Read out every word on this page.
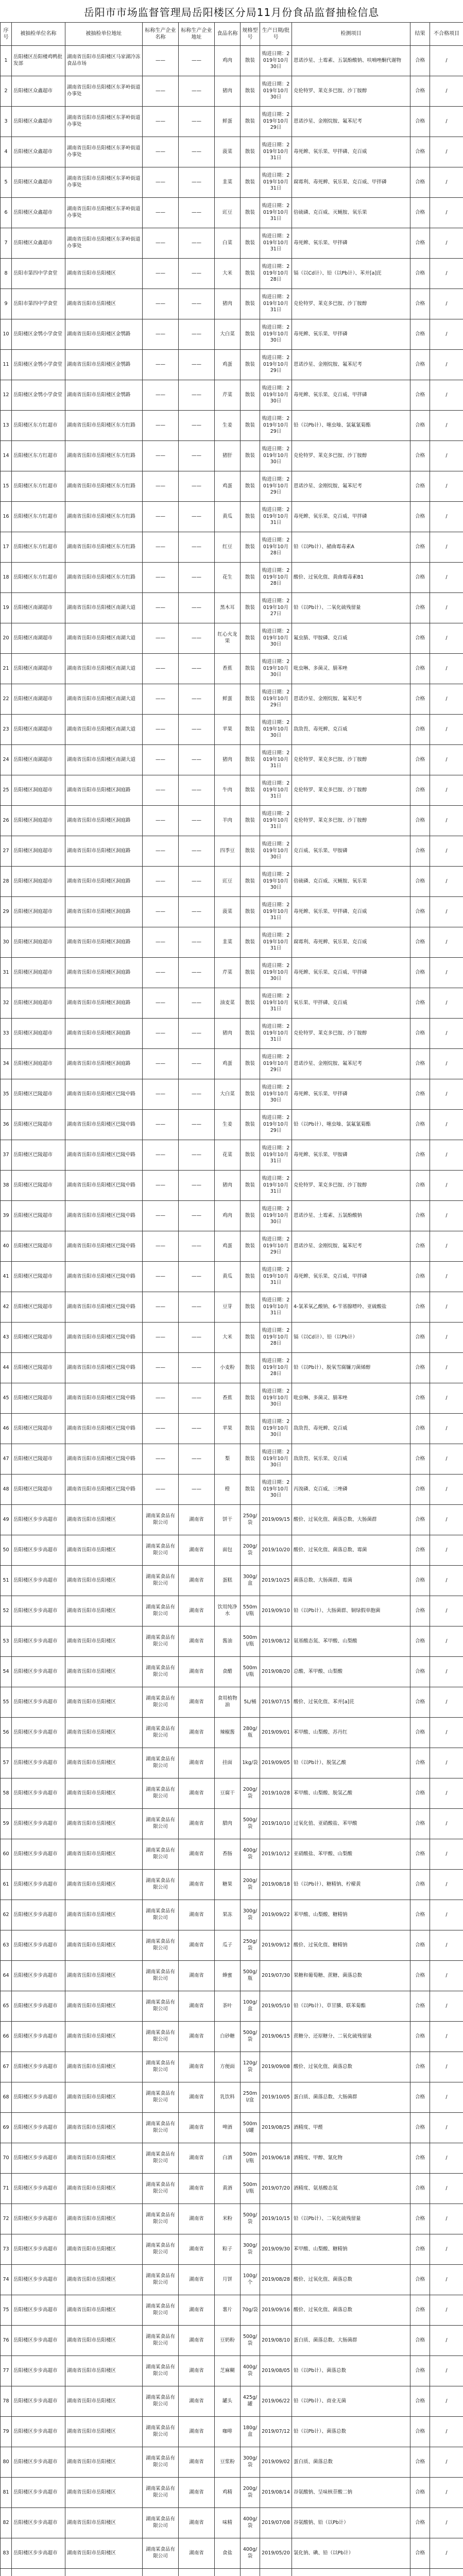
岳阳市市场监督管理局岳阳楼区分局11月份食品监督抽检信息
序号	被抽检单位名称	被抽检单位地址	标称生产企业名称	标称生产企业地址	食品名称	规格型号	生产日期/批号	检测项目	结果	不合格项目
1	岳阳楼区岳阳楼鸡鸭批发部	湖南省岳阳市岳阳楼区马家湖冷冻食品市场	——	——	鸡肉	散装	购进日期：2019年10月30日	恩诺沙星、土霉素、五氯酚酸钠、呋喃唑酮代谢物	合格	/
2	岳阳楼区众鑫超市	湖南省岳阳市岳阳楼区东茅岭街道办事处	——	——	猪肉	散装	购进日期：2019年10月30日	克伦特罗、莱克多巴胺、沙丁胺醇	合格	/
3	岳阳楼区众鑫超市	湖南省岳阳市岳阳楼区东茅岭街道办事处	——	——	鲜蛋	散装	购进日期：2019年10月29日	恩诺沙星、金刚烷胺、氟苯尼考	合格	/
4	岳阳楼区众鑫超市	湖南省岳阳市岳阳楼区东茅岭街道办事处	——	——	菠菜	散装	购进日期：2019年10月31日	毒死蜱、氧乐果、甲拌磷、克百威	合格	/
5	岳阳楼区众鑫超市	湖南省岳阳市岳阳楼区东茅岭街道办事处	——	——	韭菜	散装	购进日期：2019年10月31日	腐霉利、毒死蜱、氧乐果、克百威、甲拌磷	合格	/
6	岳阳楼区众鑫超市	湖南省岳阳市岳阳楼区东茅岭街道办事处	——	——	豇豆	散装	购进日期：2019年10月31日	倍硫磷、克百威、灭蝇胺、氧乐果	合格	/
7	岳阳楼区众鑫超市	湖南省岳阳市岳阳楼区东茅岭街道办事处	——	——	白菜	散装	购进日期：2019年10月31日	毒死蜱、氧乐果、甲拌磷	合格	/
8	岳阳市第四中学食堂	湖南省岳阳市岳阳楼区	——	——	大米	散装	购进日期：2019年10月28日	镉（以Cd计）、铅（以Pb计）、苯并[a]芘	合格	/
9	岳阳市第四中学食堂	湖南省岳阳市岳阳楼区	——	——	猪肉	散装	购进日期：2019年10月31日	克伦特罗、莱克多巴胺、沙丁胺醇	合格	/
10	岳阳楼区金鹗小学食堂	湖南省岳阳市岳阳楼区金鹗路	——	——	大白菜	散装	购进日期：2019年10月30日	毒死蜱、氧乐果、甲拌磷	合格	/
11	岳阳楼区金鹗小学食堂	湖南省岳阳市岳阳楼区金鹗路	——	——	鸡蛋	散装	购进日期：2019年10月29日	恩诺沙星、金刚烷胺、氟苯尼考	合格	/
12	岳阳楼区金鹗小学食堂	湖南省岳阳市岳阳楼区金鹗路	——	——	芹菜	散装	购进日期：2019年10月30日	毒死蜱、氧乐果、克百威、甲拌磷	合格	/
13	岳阳楼区东方红超市	湖南省岳阳市岳阳楼区东方红路	——	——	生姜	散装	购进日期：2019年10月29日	铅（以Pb计）、噻虫嗪、氯氟氰菊酯	合格	/
14	岳阳楼区东方红超市	湖南省岳阳市岳阳楼区东方红路	——	——	猪肝	散装	购进日期：2019年10月30日	克伦特罗、莱克多巴胺、沙丁胺醇	合格	/
15	岳阳楼区东方红超市	湖南省岳阳市岳阳楼区东方红路	——	——	鸡蛋	散装	购进日期：2019年10月29日	恩诺沙星、金刚烷胺、氟苯尼考	合格	/
16	岳阳楼区东方红超市	湖南省岳阳市岳阳楼区东方红路	——	——	黄瓜	散装	购进日期：2019年10月31日	毒死蜱、氧乐果、克百威、甲拌磷	合格	/
17	岳阳楼区东方红超市	湖南省岳阳市岳阳楼区东方红路	——	——	红豆	散装	购进日期：2019年10月28日	铅（以Pb计）、赭曲霉毒素A	合格	/
18	岳阳楼区东方红超市	湖南省岳阳市岳阳楼区东方红路	——	——	花生	散装	购进日期：2019年10月28日	酸价、过氧化值、黄曲霉毒素B1	合格	/
19	岳阳楼区南湖超市	湖南省岳阳市岳阳楼区南湖大道	——	——	黑木耳	散装	购进日期：2019年10月27日	铅（以Pb计）、二氧化硫残留量	合格	/
20	岳阳楼区南湖超市	湖南省岳阳市岳阳楼区南湖大道	——	——	红心火龙果	散装	购进日期：2019年10月30日	氟虫腈、甲胺磷、克百威	合格	/
21	岳阳楼区南湖超市	湖南省岳阳市岳阳楼区南湖大道	——	——	香蕉	散装	购进日期：2019年10月30日	吡虫啉、多菌灵、腈苯唑	合格	/
22	岳阳楼区南湖超市	湖南省岳阳市岳阳楼区南湖大道	——	——	鲜蛋	散装	购进日期：2019年10月29日	恩诺沙星、金刚烷胺、氟苯尼考	合格	/
23	岳阳楼区南湖超市	湖南省岳阳市岳阳楼区南湖大道	——	——	苹果	散装	购进日期：2019年10月30日	敌敌畏、毒死蜱、克百威	合格	/
24	岳阳楼区南湖超市	湖南省岳阳市岳阳楼区南湖大道	——	——	猪肉	散装	购进日期：2019年10月31日	克伦特罗、莱克多巴胺、沙丁胺醇	合格	/
25	岳阳楼区洞庭超市	湖南省岳阳市岳阳楼区洞庭路	——	——	牛肉	散装	购进日期：2019年10月31日	克伦特罗、莱克多巴胺、沙丁胺醇	合格	/
26	岳阳楼区洞庭超市	湖南省岳阳市岳阳楼区洞庭路	——	——	羊肉	散装	购进日期：2019年10月31日	克伦特罗、莱克多巴胺、沙丁胺醇	合格	/
27	岳阳楼区洞庭超市	湖南省岳阳市岳阳楼区洞庭路	——	——	四季豆	散装	购进日期：2019年10月30日	克百威、氧乐果、甲胺磷	合格	/
28	岳阳楼区洞庭超市	湖南省岳阳市岳阳楼区洞庭路	——	——	豇豆	散装	购进日期：2019年10月30日	倍硫磷、克百威、灭蝇胺、氧乐果	合格	/
29	岳阳楼区洞庭超市	湖南省岳阳市岳阳楼区洞庭路	——	——	菠菜	散装	购进日期：2019年10月31日	毒死蜱、氧乐果、甲拌磷、克百威	合格	/
30	岳阳楼区洞庭超市	湖南省岳阳市岳阳楼区洞庭路	——	——	韭菜	散装	购进日期：2019年10月31日	腐霉利、毒死蜱、氧乐果、克百威	合格	/
31	岳阳楼区洞庭超市	湖南省岳阳市岳阳楼区洞庭路	——	——	芹菜	散装	购进日期：2019年10月30日	毒死蜱、氧乐果、克百威、甲拌磷	合格	/
32	岳阳楼区洞庭超市	湖南省岳阳市岳阳楼区洞庭路	——	——	油麦菜	散装	购进日期：2019年10月31日	氧乐果、甲拌磷、克百威	合格	/
33	岳阳楼区洞庭超市	湖南省岳阳市岳阳楼区洞庭路	——	——	猪肉	散装	购进日期：2019年10月31日	克伦特罗、莱克多巴胺、沙丁胺醇	合格	/
34	岳阳楼区洞庭超市	湖南省岳阳市岳阳楼区洞庭路	——	——	鸡蛋	散装	购进日期：2019年10月29日	恩诺沙星、金刚烷胺、氟苯尼考	合格	/
35	岳阳楼区巴陵超市	湖南省岳阳市岳阳楼区巴陵中路	——	——	大白菜	散装	购进日期：2019年10月30日	毒死蜱、氧乐果、甲拌磷	合格	/
36	岳阳楼区巴陵超市	湖南省岳阳市岳阳楼区巴陵中路	——	——	生姜	散装	购进日期：2019年10月29日	铅（以Pb计）、噻虫嗪、氯氟氰菊酯	合格	/
37	岳阳楼区巴陵超市	湖南省岳阳市岳阳楼区巴陵中路	——	——	花菜	散装	购进日期：2019年10月31日	毒死蜱、氧乐果、甲胺磷	合格	/
38	岳阳楼区巴陵超市	湖南省岳阳市岳阳楼区巴陵中路	——	——	猪肉	散装	购进日期：2019年10月31日	克伦特罗、莱克多巴胺、沙丁胺醇	合格	/
39	岳阳楼区巴陵超市	湖南省岳阳市岳阳楼区巴陵中路	——	——	鸡肉	散装	购进日期：2019年10月30日	恩诺沙星、土霉素、五氯酚酸钠	合格	/
40	岳阳楼区巴陵超市	湖南省岳阳市岳阳楼区巴陵中路	——	——	鸡蛋	散装	购进日期：2019年10月29日	恩诺沙星、金刚烷胺、氟苯尼考	合格	/
41	岳阳楼区巴陵超市	湖南省岳阳市岳阳楼区巴陵中路	——	——	黄瓜	散装	购进日期：2019年10月31日	毒死蜱、氧乐果、克百威、甲拌磷	合格	/
42	岳阳楼区巴陵超市	湖南省岳阳市岳阳楼区巴陵中路	——	——	豆芽	散装	购进日期：2019年10月31日	4-氯苯氧乙酸钠、6-苄基腺嘌呤、亚硫酸盐	合格	/
43	岳阳楼区巴陵超市	湖南省岳阳市岳阳楼区巴陵中路	——	——	大米	散装	购进日期：2019年10月28日	镉（以Cd计）、铅（以Pb计）	合格	/
44	岳阳楼区巴陵超市	湖南省岳阳市岳阳楼区巴陵中路	——	——	小麦粉	散装	购进日期：2019年10月28日	铅（以Pb计）、脱氧雪腐镰刀菌烯醇	合格	/
45	岳阳楼区巴陵超市	湖南省岳阳市岳阳楼区巴陵中路	——	——	香蕉	散装	购进日期：2019年10月30日	吡虫啉、多菌灵、腈苯唑	合格	/
46	岳阳楼区巴陵超市	湖南省岳阳市岳阳楼区巴陵中路	——	——	苹果	散装	购进日期：2019年10月30日	敌敌畏、毒死蜱、克百威	合格	/
47	岳阳楼区巴陵超市	湖南省岳阳市岳阳楼区巴陵中路	——	——	梨	散装	购进日期：2019年10月30日	敌敌畏、氧乐果、克百威	合格	/
48	岳阳楼区巴陵超市	湖南省岳阳市岳阳楼区巴陵中路	——	——	橙	散装	购进日期：2019年10月30日	丙溴磷、克百威、三唑磷	合格	/
49	岳阳楼区步步高超市	湖南省岳阳市岳阳楼区	湖南某食品有限公司	湖南省	饼干	250g/袋	2019/09/15	酸价、过氧化值、菌落总数、大肠菌群	合格	/
50	岳阳楼区步步高超市	湖南省岳阳市岳阳楼区	湖南某食品有限公司	湖南省	面包	200g/袋	2019/10/20	酸价、过氧化值、菌落总数、霉菌	合格	/
51	岳阳楼区步步高超市	湖南省岳阳市岳阳楼区	湖南某食品有限公司	湖南省	蛋糕	300g/盒	2019/10/25	菌落总数、大肠菌群、霉菌	合格	/
52	岳阳楼区步步高超市	湖南省岳阳市岳阳楼区	湖南某食品有限公司	湖南省	饮用纯净水	550ml/瓶	2019/09/10	铅（以Pb计）、大肠菌群、铜绿假单胞菌	合格	/
53	岳阳楼区步步高超市	湖南省岳阳市岳阳楼区	湖南某食品有限公司	湖南省	酱油	500ml/瓶	2019/08/12	氨基酸态氮、苯甲酸、山梨酸	合格	/
54	岳阳楼区步步高超市	湖南省岳阳市岳阳楼区	湖南某食品有限公司	湖南省	食醋	500ml/瓶	2019/08/20	总酸、苯甲酸、山梨酸	合格	/
55	岳阳楼区步步高超市	湖南省岳阳市岳阳楼区	湖南某食品有限公司	湖南省	食用植物油	5L/桶	2019/07/15	酸价、过氧化值、苯并[a]芘	合格	/
56	岳阳楼区步步高超市	湖南省岳阳市岳阳楼区	湖南某食品有限公司	湖南省	辣椒酱	280g/瓶	2019/09/01	苯甲酸、山梨酸、苏丹红	合格	/
57	岳阳楼区步步高超市	湖南省岳阳市岳阳楼区	湖南某食品有限公司	湖南省	挂面	1kg/袋	2019/09/05	铅（以Pb计）、脱氢乙酸	合格	/
58	岳阳楼区步步高超市	湖南省岳阳市岳阳楼区	湖南某食品有限公司	湖南省	豆腐干	200g/袋	2019/10/28	苯甲酸、山梨酸、脱氢乙酸	合格	/
59	岳阳楼区步步高超市	湖南省岳阳市岳阳楼区	湖南某食品有限公司	湖南省	腊肉	500g/袋	2019/10/10	过氧化值、亚硝酸盐、苯甲酸	合格	/
60	岳阳楼区步步高超市	湖南省岳阳市岳阳楼区	湖南某食品有限公司	湖南省	香肠	400g/袋	2019/10/12	亚硝酸盐、苯甲酸、山梨酸	合格	/
61	岳阳楼区步步高超市	湖南省岳阳市岳阳楼区	湖南某食品有限公司	湖南省	糖果	200g/袋	2019/08/18	铅（以Pb计）、糖精钠、柠檬黄	合格	/
62	岳阳楼区步步高超市	湖南省岳阳市岳阳楼区	湖南某食品有限公司	湖南省	果冻	300g/袋	2019/09/22	苯甲酸、山梨酸、糖精钠	合格	/
63	岳阳楼区步步高超市	湖南省岳阳市岳阳楼区	湖南某食品有限公司	湖南省	瓜子	250g/袋	2019/09/12	酸价、过氧化值、糖精钠	合格	/
64	岳阳楼区步步高超市	湖南省岳阳市岳阳楼区	湖南某食品有限公司	湖南省	蜂蜜	500g/瓶	2019/07/30	果糖和葡萄糖、蔗糖、菌落总数	合格	/
65	岳阳楼区步步高超市	湖南省岳阳市岳阳楼区	湖南某食品有限公司	湖南省	茶叶	100g/盒	2019/05/10	铅（以Pb计）、草甘膦、联苯菊酯	合格	/
66	岳阳楼区步步高超市	湖南省岳阳市岳阳楼区	湖南某食品有限公司	湖南省	白砂糖	500g/袋	2019/06/15	蔗糖分、还原糖分、二氧化硫残留量	合格	/
67	岳阳楼区步步高超市	湖南省岳阳市岳阳楼区	湖南某食品有限公司	湖南省	方便面	120g/袋	2019/09/08	酸价、过氧化值、菌落总数	合格	/
68	岳阳楼区步步高超市	湖南省岳阳市岳阳楼区	湖南某食品有限公司	湖南省	乳饮料	250ml/盒	2019/10/05	蛋白质、菌落总数、大肠菌群	合格	/
69	岳阳楼区步步高超市	湖南省岳阳市岳阳楼区	湖南某食品有限公司	湖南省	啤酒	500ml/罐	2019/08/25	酒精度、甲醛	合格	/
70	岳阳楼区步步高超市	湖南省岳阳市岳阳楼区	湖南某食品有限公司	湖南省	白酒	500ml/瓶	2019/06/18	酒精度、甲醇、氰化物	合格	/
71	岳阳楼区步步高超市	湖南省岳阳市岳阳楼区	湖南某食品有限公司	湖南省	黄酒	500ml/瓶	2019/07/20	酒精度、氨基酸态氮	合格	/
72	岳阳楼区步步高超市	湖南省岳阳市岳阳楼区	湖南某食品有限公司	湖南省	米粉	500g/袋	2019/10/15	铅（以Pb计）、二氧化硫残留量	合格	/
73	岳阳楼区步步高超市	湖南省岳阳市岳阳楼区	湖南某食品有限公司	湖南省	粽子	300g/袋	2019/09/30	苯甲酸、山梨酸、糖精钠	合格	/
74	岳阳楼区步步高超市	湖南省岳阳市岳阳楼区	湖南某食品有限公司	湖南省	月饼	100g/个	2019/08/28	酸价、过氧化值、菌落总数	合格	/
75	岳阳楼区步步高超市	湖南省岳阳市岳阳楼区	湖南某食品有限公司	湖南省	薯片	70g/袋	2019/09/16	酸价、过氧化值、菌落总数	合格	/
76	岳阳楼区步步高超市	湖南省岳阳市岳阳楼区	湖南某食品有限公司	湖南省	豆奶粉	500g/袋	2019/08/10	蛋白质、菌落总数、大肠菌群	合格	/
77	岳阳楼区步步高超市	湖南省岳阳市岳阳楼区	湖南某食品有限公司	湖南省	芝麻糊	400g/袋	2019/08/05	铅（以Pb计）、菌落总数	合格	/
78	岳阳楼区步步高超市	湖南省岳阳市岳阳楼区	湖南某食品有限公司	湖南省	罐头	425g/罐	2019/06/22	铅（以Pb计）、商业无菌	合格	/
79	岳阳楼区步步高超市	湖南省岳阳市岳阳楼区	湖南某食品有限公司	湖南省	咖啡	180g/盒	2019/07/12	铅（以Pb计）、菌落总数	合格	/
80	岳阳楼区步步高超市	湖南省岳阳市岳阳楼区	湖南某食品有限公司	湖南省	豆浆粉	300g/袋	2019/09/02	蛋白质、菌落总数	合格	/
81	岳阳楼区步步高超市	湖南省岳阳市岳阳楼区	湖南某食品有限公司	湖南省	鸡精	200g/袋	2019/08/14	谷氨酸钠、呈味核苷酸二钠	合格	/
82	岳阳楼区步步高超市	湖南省岳阳市岳阳楼区	湖南某食品有限公司	湖南省	味精	400g/袋	2019/07/08	谷氨酸钠、铅（以Pb计）	合格	/
83	岳阳楼区步步高超市	湖南省岳阳市岳阳楼区	湖南某食品有限公司	湖南省	食盐	400g/袋	2019/05/20	氯化钠、碘、铅（以Pb计）	合格	/
